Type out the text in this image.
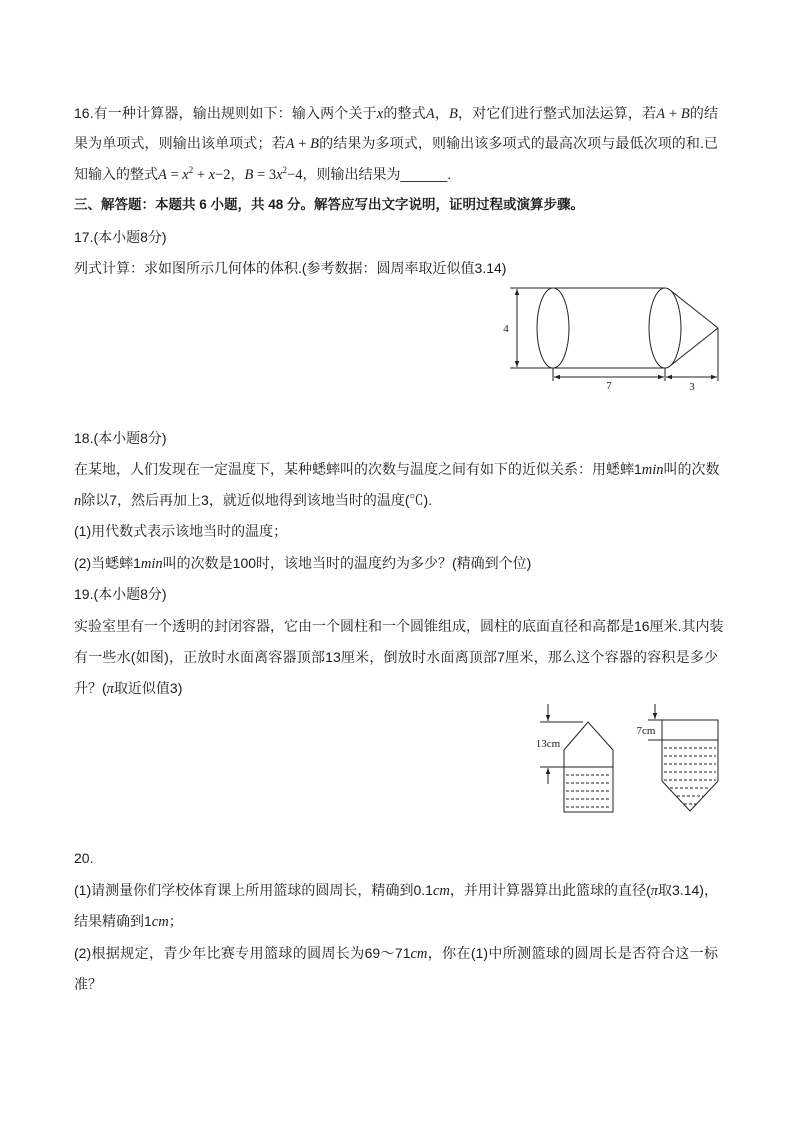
16.有一种计算器，输出规则如下：输入两个关于x的整式A，B，对它们进行整式加法运算，若A + B的结
果为单项式，则输出该单项式；若A + B的结果为多项式，则输出该多项式的最高次项与最低次项的和.已
知输入的整式$A = x^2 + x-2$，$B = 3x^2-4$，则输出结果为______.
三、解答题：本题共 6 小题，共 48 分。解答应写出文字说明，证明过程或演算步骤。
17.(本小题8分)
列式计算：求如图所示几何体的体积.(参考数据：圆周率取近似值3.14)
4
7	3
18.(本小题8分)
在某地，人们发现在一定温度下，某种蟋蟀叫的次数与温度之间有如下的近似关系：用蟋蟀1min叫的次数
n除以7，然后再加上3，就近似地得到该地当时的温度(℃).
(1)用代数式表示该地当时的温度；
(2)当蟋蟀1min叫的次数是100时，该地当时的温度约为多少？(精确到个位)
19.(本小题8分)
实验室里有一个透明的封闭容器，它由一个圆柱和一个圆锥组成，圆柱的底面直径和高都是16厘米.其内装
有一些水(如图)，正放时水面离容器顶部13厘米，倒放时水面离顶部7厘米，那么这个容器的容积是多少
升？(π取近似值3)
13cm
7cm
20.
(1)请测量你们学校体育课上所用篮球的圆周长，精确到0.1cm，并用计算器算出此篮球的直径(π取3.14)，
结果精确到1cm；
(2)根据规定，青少年比赛专用篮球的圆周长为69～71cm，你在(1)中所测篮球的圆周长是否符合这一标
准？
